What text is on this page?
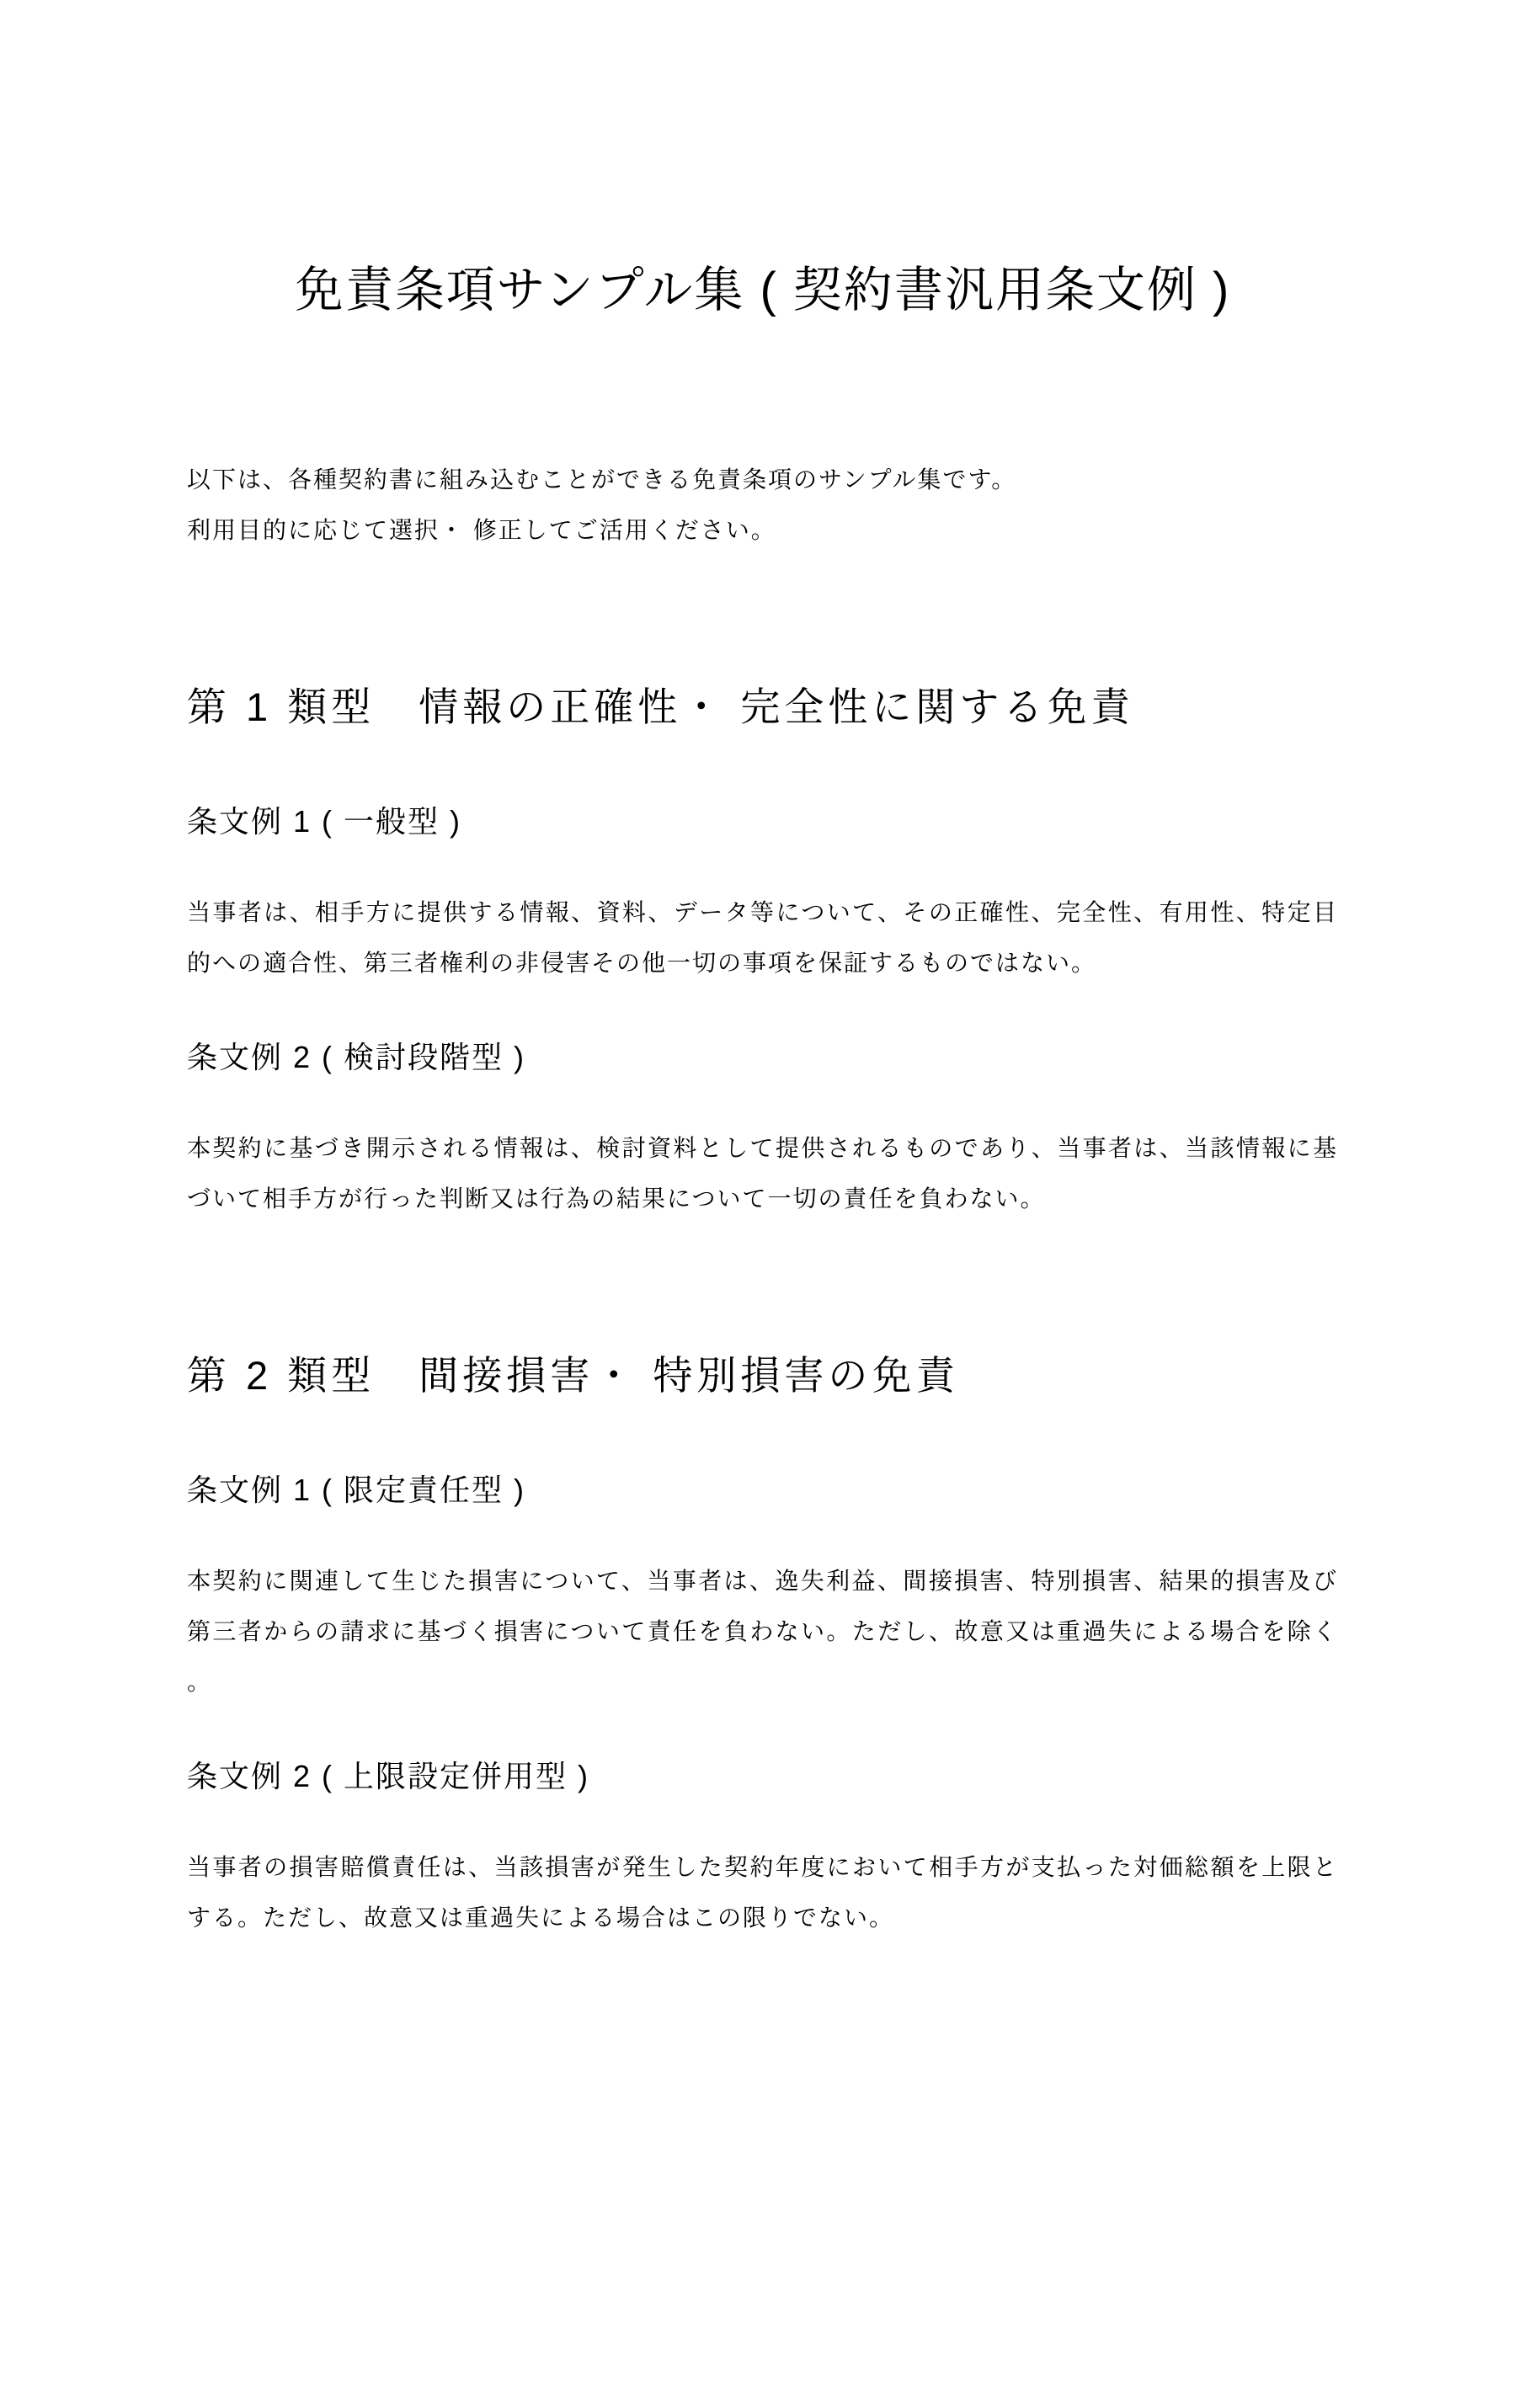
免責条項サンプル集 ( 契約書汎用条文例 )

以下は、各種契約書に組み込むことができる免責条項のサンプル集です。

利用目的に応じて選択・ 修正してご活用ください。

第 1 類型　情報の正確性・ 完全性に関する免責
条文例 1 ( 一般型 )

当事者は、相手方に提供する情報、資料、データ等について、その正確性、完全性、有用性、特定目的への適合性、第三者権利の非侵害その他一切の事項を保証するものではない。

条文例 2 ( 検討段階型 )

本契約に基づき開示される情報は、検討資料として提供されるものであり、当事者は、当該情報に基づいて相手方が行った判断又は行為の結果について一切の責任を負わない。

第 2 類型　間接損害・ 特別損害の免責
条文例 1 ( 限定責任型 )

本契約に関連して生じた損害について、当事者は、逸失利益、間接損害、特別損害、結果的損害及び第三者からの請求に基づく損害について責任を負わない。ただし、故意又は重過失による場合を除く。

条文例 2 ( 上限設定併用型 )

当事者の損害賠償責任は、当該損害が発生した契約年度において相手方が支払った対価総額を上限とする。ただし、故意又は重過失による場合はこの限りでない。
